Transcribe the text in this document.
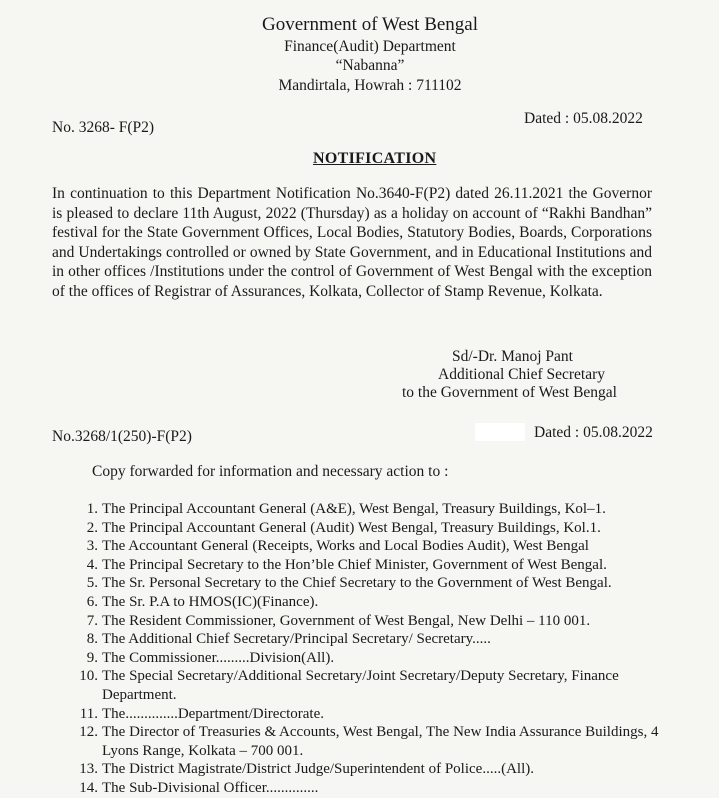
Government of West Bengal
Finance(Audit) Department
“Nabanna”
Mandirtala, Howrah : 711102
No. 3268- F(P2)
Dated : 05.08.2022
NOTIFICATION
In continuation to this Department Notification No.3640-F(P2) dated 26.11.2021 the Governor is pleased to declare 11th August, 2022 (Thursday) as a holiday on account of “Rakhi Bandhan” festival for the State Government Offices, Local Bodies, Statutory Bodies, Boards, Corporations and Undertakings controlled or owned by State Government, and in Educational Institutions and in other offices /Institutions under the control of Government of West Bengal with the exception of the offices of Registrar of Assurances, Kolkata, Collector of Stamp Revenue, Kolkata.
Sd/-Dr. Manoj Pant
Additional Chief Secretary
to the Government of West Bengal
No.3268/1(250)-F(P2)	Dated : 05.08.2022
Copy forwarded for information and necessary action to :
1. The Principal Accountant General (A&E), West Bengal, Treasury Buildings, Kol–1.
2. The Principal Accountant General (Audit) West Bengal, Treasury Buildings, Kol.1.
3. The Accountant General (Receipts, Works and Local Bodies Audit), West Bengal
4. The Principal Secretary to the Hon’ble Chief Minister, Government of West Bengal.
5. The Sr. Personal Secretary to the Chief Secretary to the Government of West Bengal.
6. The Sr. P.A to HMOS(IC)(Finance).
7. The Resident Commissioner, Government of West Bengal, New Delhi – 110 001.
8. The Additional Chief Secretary/Principal Secretary/ Secretary.....
9. The Commissioner.........Division(All).
10. The Special Secretary/Additional Secretary/Joint Secretary/Deputy Secretary, Finance Department.
11. The..............Department/Directorate.
12. The Director of Treasuries & Accounts, West Bengal, The New India Assurance Buildings, 4 Lyons Range, Kolkata – 700 001.
13. The District Magistrate/District Judge/Superintendent of Police.....(All).
14. The Sub-Divisional Officer..............
